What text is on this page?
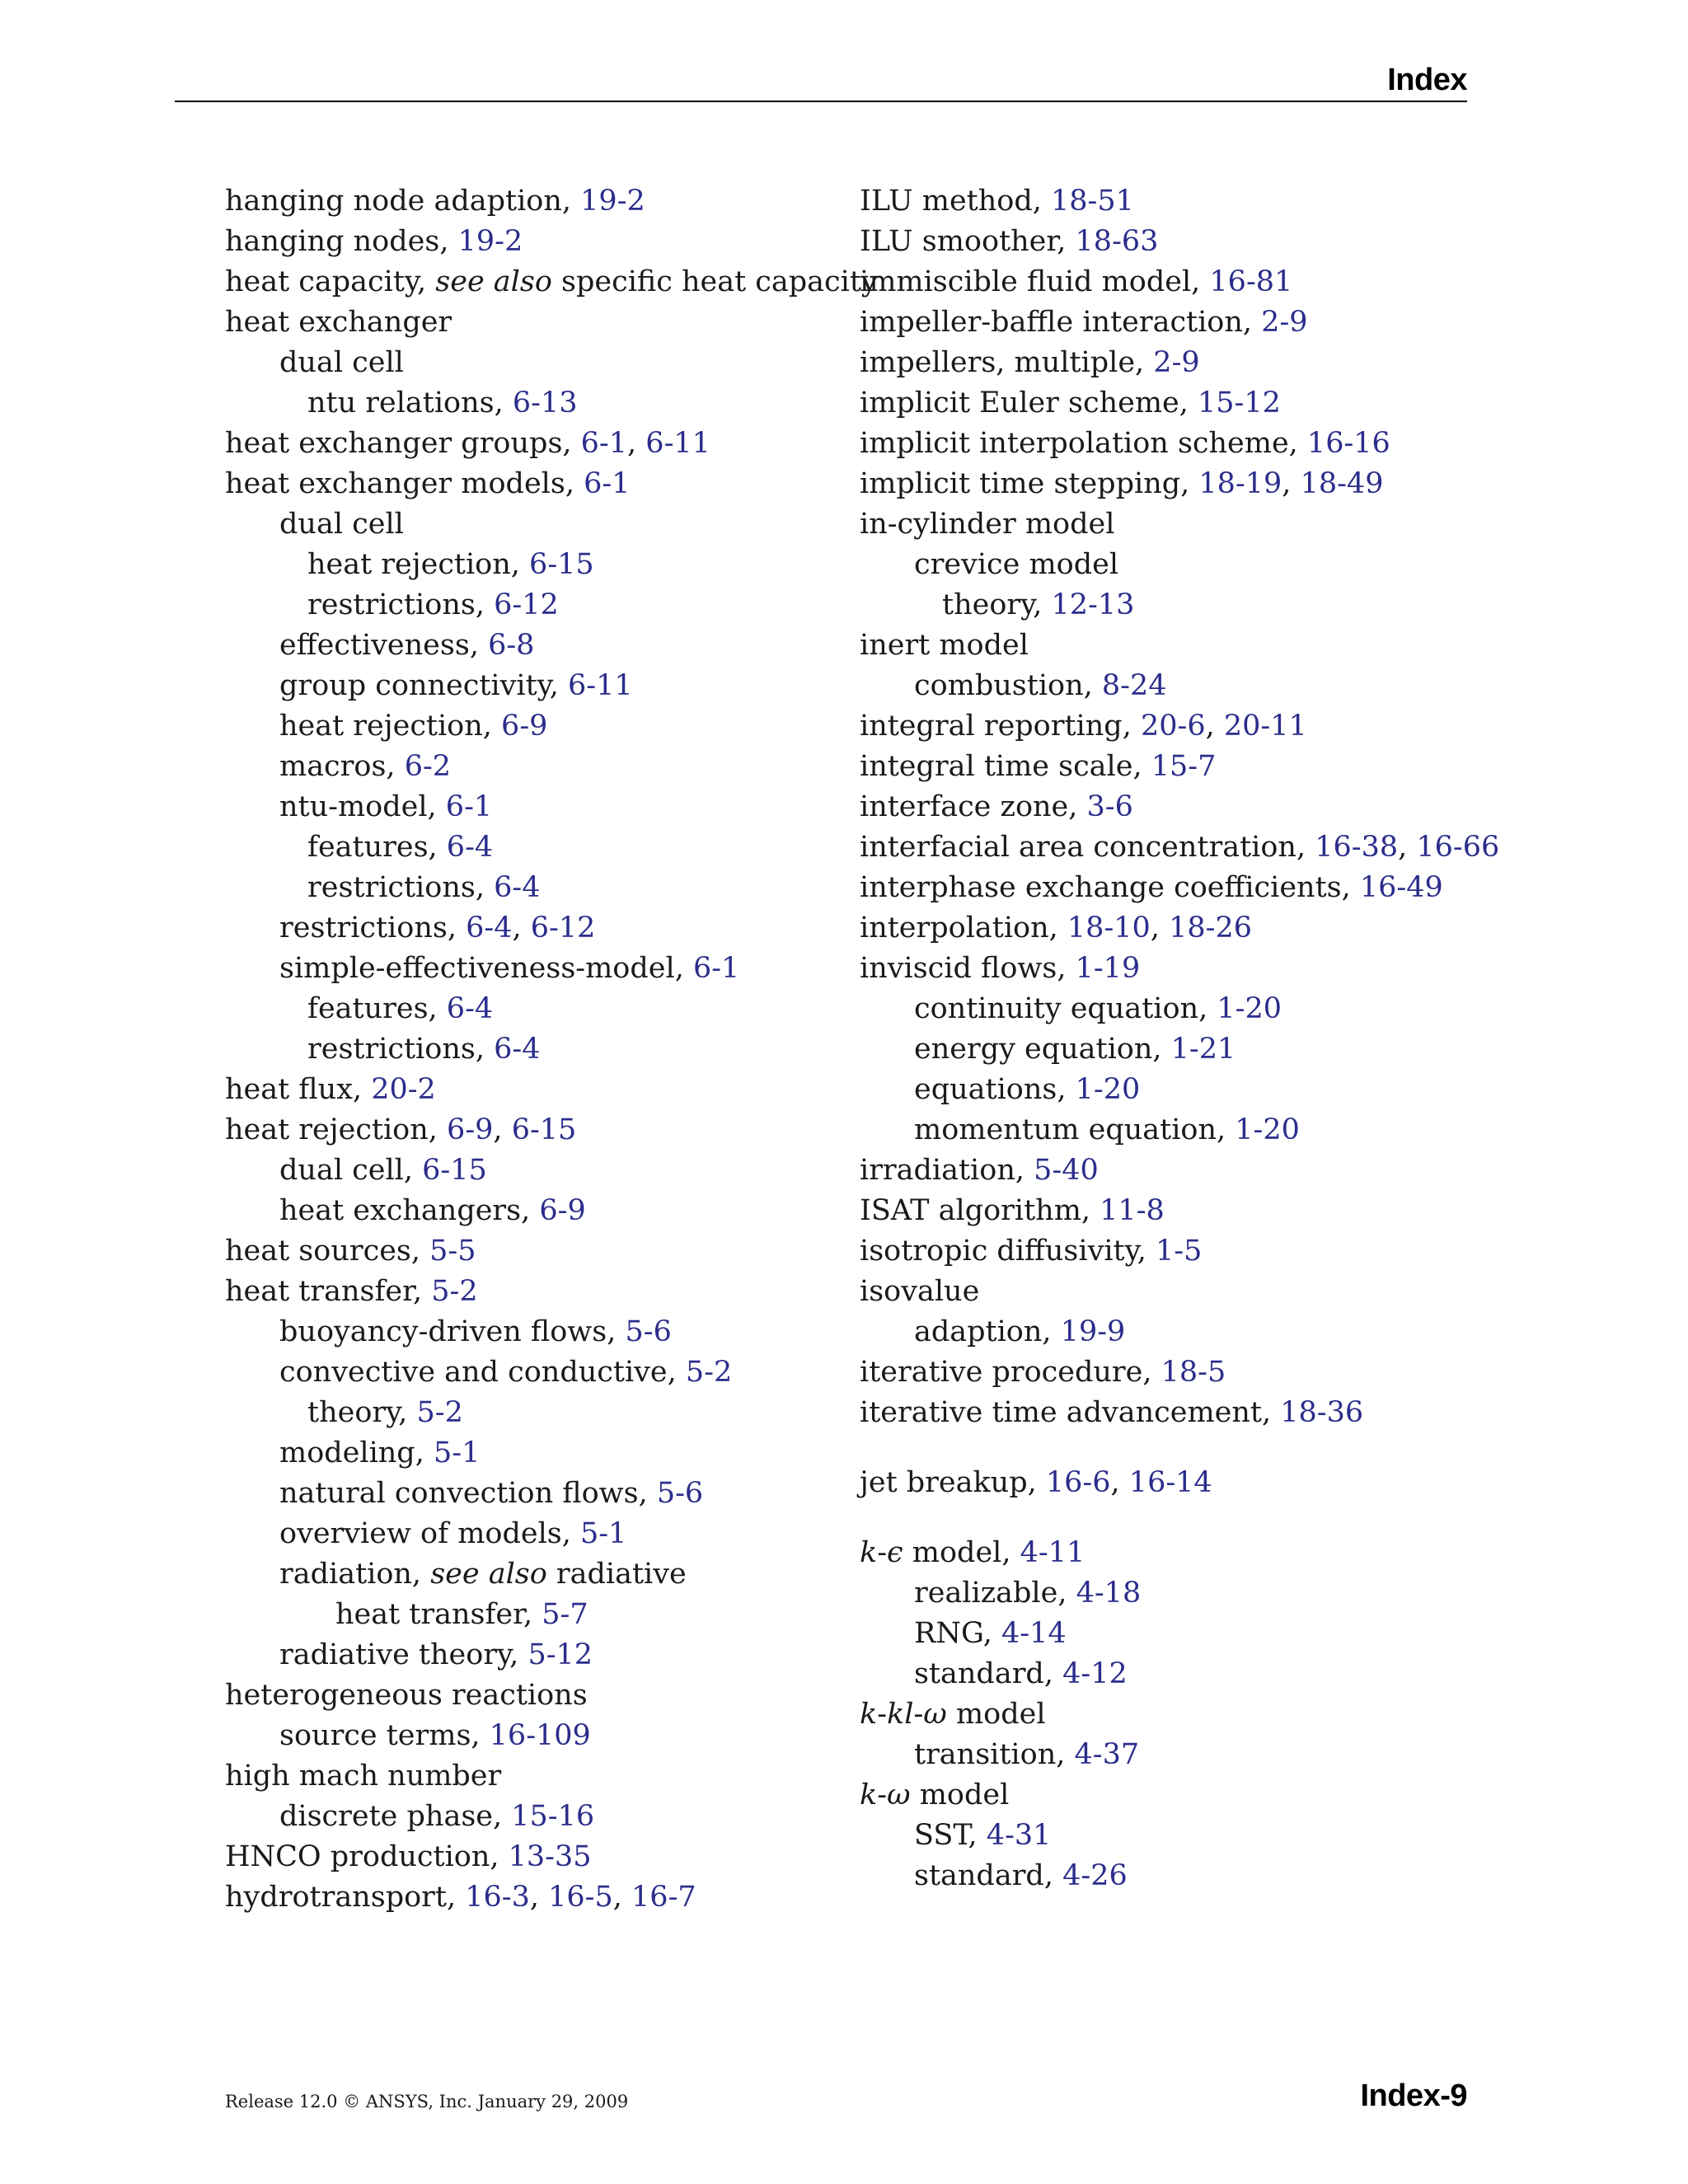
Index
hanging node adaption, 19-2
hanging nodes, 19-2
heat capacity, see also specific heat capacity
heat exchanger
dual cell
ntu relations, 6-13
heat exchanger groups, 6-1, 6-11
heat exchanger models, 6-1
dual cell
heat rejection, 6-15
restrictions, 6-12
effectiveness, 6-8
group connectivity, 6-11
heat rejection, 6-9
macros, 6-2
ntu-model, 6-1
features, 6-4
restrictions, 6-4
restrictions, 6-4, 6-12
simple-effectiveness-model, 6-1
features, 6-4
restrictions, 6-4
heat flux, 20-2
heat rejection, 6-9, 6-15
dual cell, 6-15
heat exchangers, 6-9
heat sources, 5-5
heat transfer, 5-2
buoyancy-driven flows, 5-6
convective and conductive, 5-2
theory, 5-2
modeling, 5-1
natural convection flows, 5-6
overview of models, 5-1
radiation, see also radiative
heat transfer, 5-7
radiative theory, 5-12
heterogeneous reactions
source terms, 16-109
high mach number
discrete phase, 15-16
HNCO production, 13-35
hydrotransport, 16-3, 16-5, 16-7
ILU method, 18-51
ILU smoother, 18-63
immiscible fluid model, 16-81
impeller-baffle interaction, 2-9
impellers, multiple, 2-9
implicit Euler scheme, 15-12
implicit interpolation scheme, 16-16
implicit time stepping, 18-19, 18-49
in-cylinder model
crevice model
theory, 12-13
inert model
combustion, 8-24
integral reporting, 20-6, 20-11
integral time scale, 15-7
interface zone, 3-6
interfacial area concentration, 16-38, 16-66
interphase exchange coefficients, 16-49
interpolation, 18-10, 18-26
inviscid flows, 1-19
continuity equation, 1-20
energy equation, 1-21
equations, 1-20
momentum equation, 1-20
irradiation, 5-40
ISAT algorithm, 11-8
isotropic diffusivity, 1-5
isovalue
adaption, 19-9
iterative procedure, 18-5
iterative time advancement, 18-36
jet breakup, 16-6, 16-14
k-ϵ model, 4-11
realizable, 4-18
RNG, 4-14
standard, 4-12
k-kl-ω model
transition, 4-37
k-ω model
SST, 4-31
standard, 4-26
Release 12.0 © ANSYS, Inc. January 29, 2009	Index-9
